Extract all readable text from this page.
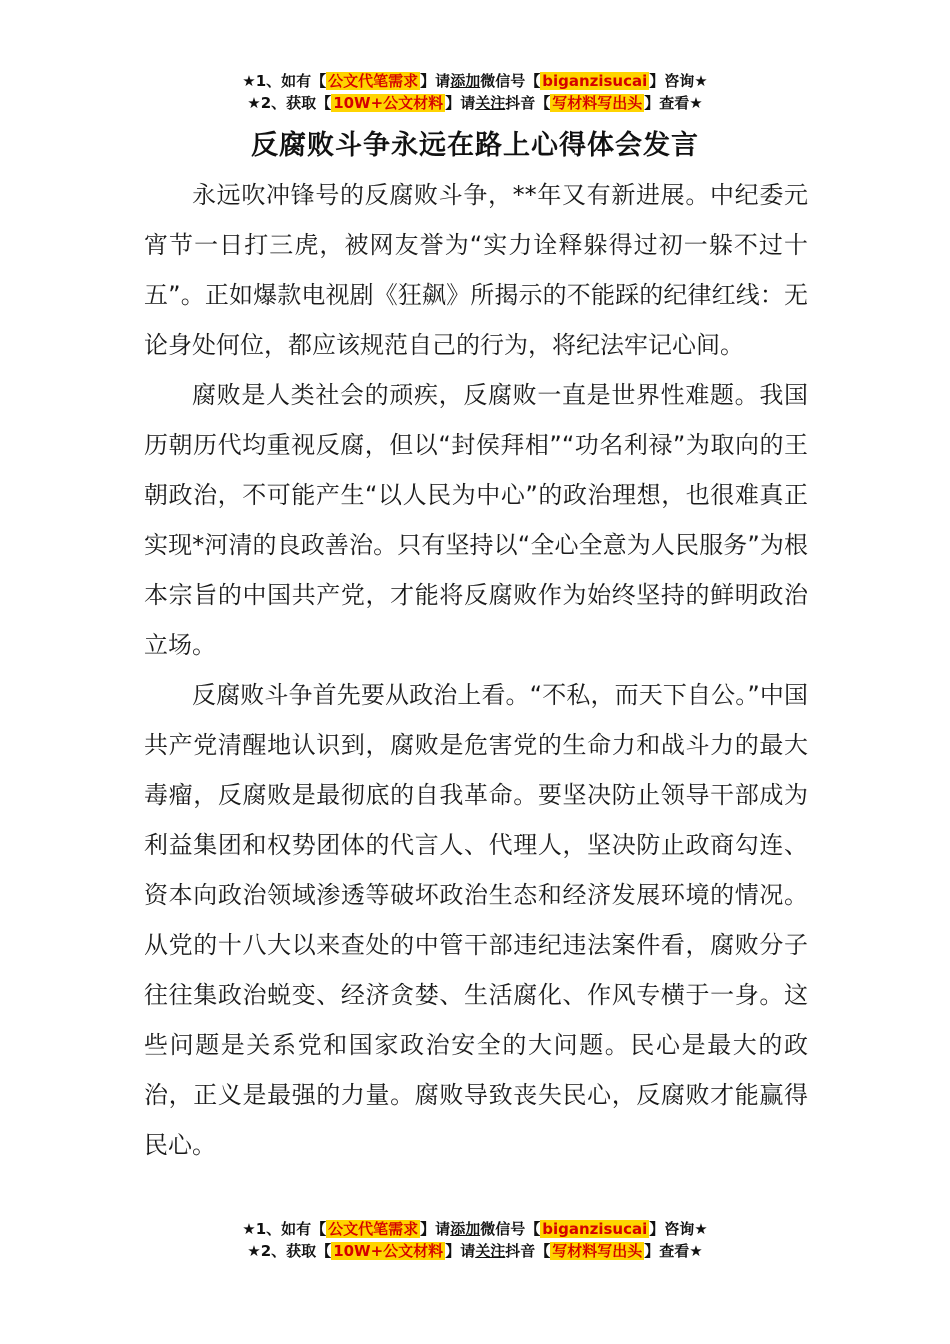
★1、如有【 公文代笔需求 】请添加微信号【 biganzisucai 】咨询★
★2、获取【 10W+公文材料 】请关注抖音【 写材料写出头 】查看★
反腐败斗争永远在路上心得体会发言

永远吹冲锋号的反腐败斗争，**年又有新进展。中纪委元宵节一日打三虎，被网友誉为“实力诠释躲得过初一躲不过十五”。正如爆款电视剧《狂飙》所揭示的不能踩的纪律红线：无论身处何位，都应该规范自己的行为，将纪法牢记心间。

腐败是人类社会的顽疾，反腐败一直是世界性难题。我国历朝历代均重视反腐，但以“封侯拜相”“功名利禄”为取向的王朝政治，不可能产生“以人民为中心”的政治理想，也很难真正实现*河清的良政善治。只有坚持以“全心全意为人民服务”为根本宗旨的中国共产党，才能将反腐败作为始终坚持的鲜明政治立场。

反腐败斗争首先要从政治上看。“不私，而天下自公。”中国共产党清醒地认识到，腐败是危害党的生命力和战斗力的最大毒瘤，反腐败是最彻底的自我革命。要坚决防止领导干部成为利益集团和权势团体的代言人、代理人，坚决防止政商勾连、资本向政治领域渗透等破坏政治生态和经济发展环境的情况。从党的十八大以来查处的中管干部违纪违法案件看，腐败分子往往集政治蜕变、经济贪婪、生活腐化、作风专横于一身。这些问题是关系党和国家政治安全的大问题。民心是最大的政治，正义是最强的力量。腐败导致丧失民心，反腐败才能赢得民心。

★1、如有【 公文代笔需求 】请添加微信号【 biganzisucai 】咨询★
★2、获取【 10W+公文材料 】请关注抖音【 写材料写出头 】查看★
